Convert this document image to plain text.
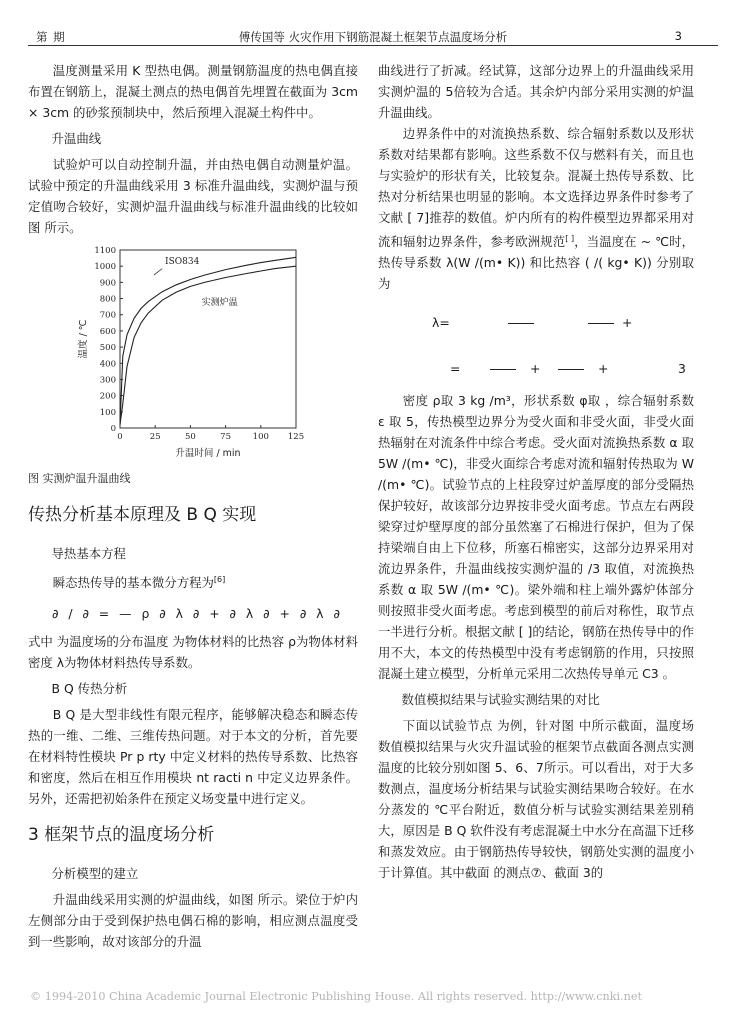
第 期	傅传国等 火灾作用下钢筋混凝土框架节点温度场分析	3

温度测量采用 K 型热电偶。测量钢筋温度的热电偶直接布置在钢筋上，混凝土测点的热电偶首先埋置在截面为 3cm × 3cm 的砂浆预制块中，然后预埋入混凝土构件中。

升温曲线

试验炉可以自动控制升温，并由热电偶自动测量炉温。试验中预定的升温曲线采用 3 标准升温曲线，实测炉温与预定值吻合较好，实测炉温升温曲线与标准升温曲线的比较如图 所示。

0
100
200
300
400
500
600
700
800
900
1000
1100
0	25	50	75	100 125
升温时间 / min
温度 / ℃
ISO834
实测炉温

图 实测炉温升温曲线

传热分析基本原理及 B Q 实现

导热基本方程

瞬态热传导的基本微分方程为[6]

∂ / ∂ = — ρ ∂ λ ∂ + ∂ λ ∂ + ∂ λ ∂

式中 为温度场的分布温度 为物体材料的比热容 ρ为物体材料密度 λ为物体材料热传导系数。

B Q 传热分析

B Q 是大型非线性有限元程序，能够解决稳态和瞬态传热的一维、二维、三维传热问题。对于本文的分析，首先要在材料特性模块 Pr p rty 中定义材料的热传导系数、比热容和密度，然后在相互作用模块 nt racti n 中定义边界条件。另外，还需把初始条件在预定义场变量中进行定义。

3 框架节点的温度场分析

分析模型的建立

升温曲线采用实测的炉温曲线，如图 所示。梁位于炉内左侧部分由于受到保护热电偶石棉的影响，相应测点温度受到一些影响，故对该部分的升温

曲线进行了折减。经试算，这部分边界上的升温曲线采用实测炉温的 5倍较为合适。其余炉内部分采用实测的炉温升温曲线。

边界条件中的对流换热系数、综合辐射系数以及形状系数对结果都有影响。这些系数不仅与燃料有关，而且也与实验炉的形状有关，比较复杂。混凝土热传导系数、比热对分析结果也明显的影响。本文选择边界条件时参考了文献 [ 7]推荐的数值。炉内所有的构件模型边界都采用对流和辐射边界条件，参考欧洲规范[ ]，当温度在 ~ ℃时，热传导系数 λ(W /(m• K)) 和比热容 ( /( kg• K)) 分别取为

λ=	+
=	+	+	3

密度 ρ取 3 kg /m³，形状系数 φ取 ，综合辐射系数 ε 取 5，传热模型边界分为受火面和非受火面，非受火面热辐射在对流条件中综合考虑。受火面对流换热系数 α 取 5W /(m• ℃)，非受火面综合考虑对流和辐射传热取为 W /(m• ℃)。试验节点的上柱段穿过炉盖厚度的部分受隔热保护较好，故该部分边界按非受火面考虑。节点左右两段梁穿过炉壁厚度的部分虽然塞了石棉进行保护，但为了保持梁端自由上下位移，所塞石棉密实，这部分边界采用对流边界条件，升温曲线按实测炉温的 /3 取值，对流换热系数 α 取 5W /(m• ℃)。梁外端和柱上端外露炉体部分则按照非受火面考虑。考虑到模型的前后对称性，取节点一半进行分析。根据文献 [ ]的结论，钢筋在热传导中的作用不大，本文的传热模型中没有考虑钢筋的作用，只按照混凝土建立模型，分析单元采用二次热传导单元 C3 。

数值模拟结果与试验实测结果的对比

下面以试验节点 为例，针对图 中所示截面，温度场数值模拟结果与火灾升温试验的框架节点截面各测点实测温度的比较分别如图 5、6、7所示。可以看出，对于大多数测点，温度场分析结果与试验实测结果吻合较好。在水分蒸发的 ℃平台附近，数值分析与试验实测结果差别稍大，原因是 B Q 软件没有考虑混凝土中水分在高温下迁移和蒸发效应。由于钢筋热传导较快，钢筋处实测的温度小于计算值。其中截面 的测点⑦、截面 3的

© 1994-2010 China Academic Journal Electronic Publishing House. All rights reserved. http://www.cnki.net
